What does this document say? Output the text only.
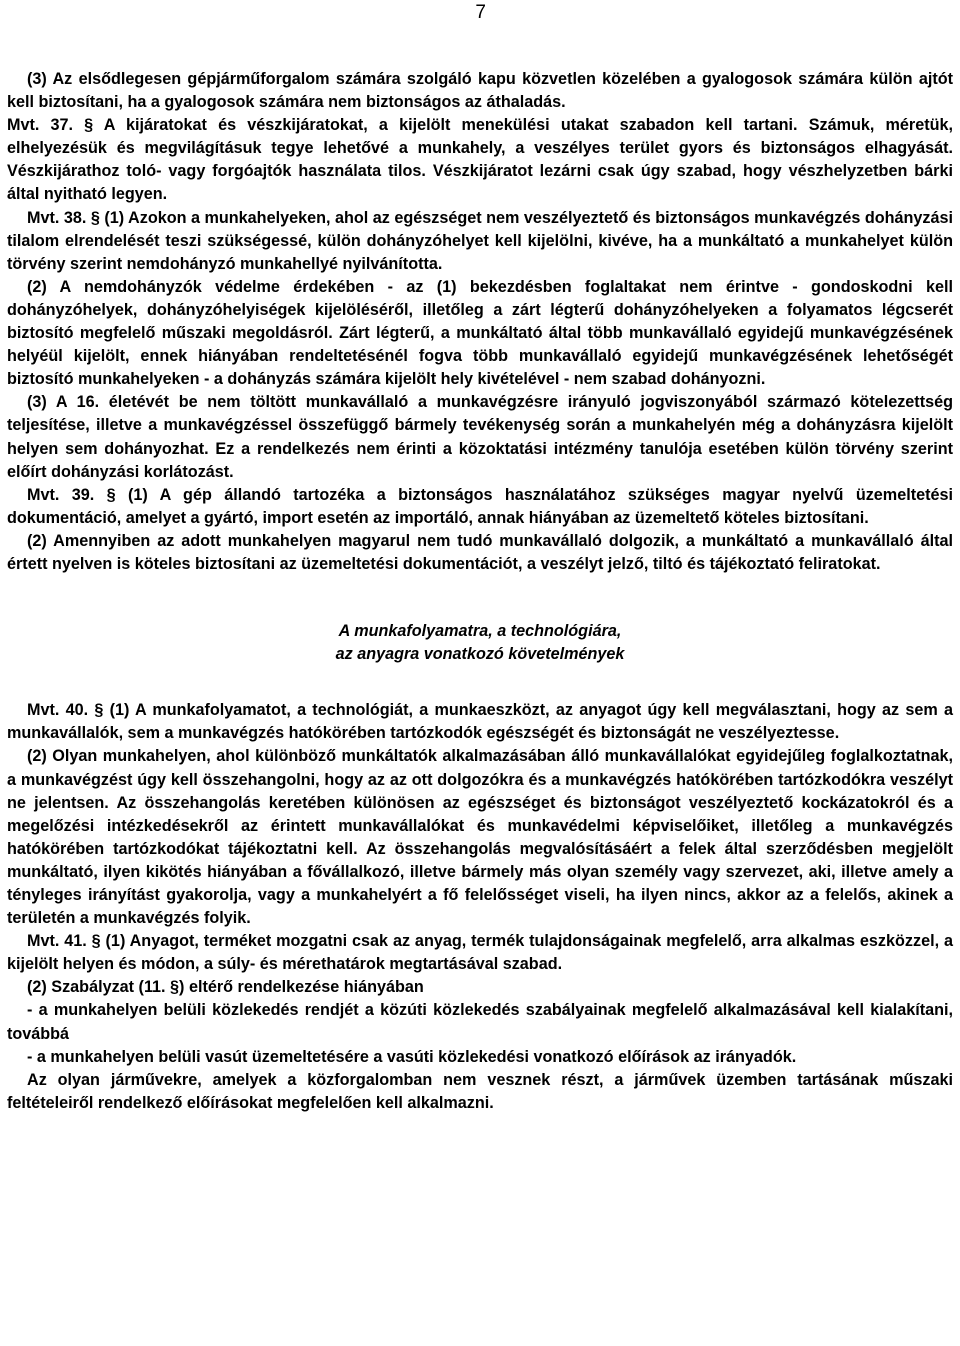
7

(3) Az elsődlegesen gépjárműforgalom számára szolgáló kapu közvetlen közelében a gyalogosok számára külön ajtót kell biztosítani, ha a gyalogosok számára nem biztonságos az áthaladás.

Mvt. 37. § A kijáratokat és vészkijáratokat, a kijelölt menekülési utakat szabadon kell tartani. Számuk, méretük, elhelyezésük és megvilágításuk tegye lehetővé a munkahely, a veszélyes terület gyors és biztonságos elhagyását. Vészkijárathoz toló- vagy forgóajtók használata tilos. Vészkijáratot lezárni csak úgy szabad, hogy vészhelyzetben bárki által nyitható legyen.

Mvt. 38. § (1) Azokon a munkahelyeken, ahol az egészséget nem veszélyeztető és biztonságos munkavégzés dohányzási tilalom elrendelését teszi szükségessé, külön dohányzóhelyet kell kijelölni, kivéve, ha a munkáltató a munkahelyet külön törvény szerint nemdohányzó munkahellyé nyilvánította.

(2) A nemdohányzók védelme érdekében - az (1) bekezdésben foglaltakat nem érintve - gondoskodni kell dohányzóhelyek, dohányzóhelyiségek kijelöléséről, illetőleg a zárt légterű dohányzóhelyeken a folyamatos légcserét biztosító megfelelő műszaki megoldásról. Zárt légterű, a munkáltató által több munkavállaló egyidejű munkavégzésének helyéül kijelölt, ennek hiányában rendeltetésénél fogva több munkavállaló egyidejű munkavégzésének lehetőségét biztosító munkahelyeken - a dohányzás számára kijelölt hely kivételével - nem szabad dohányozni.

(3) A 16. életévét be nem töltött munkavállaló a munkavégzésre irányuló jogviszonyából származó kötelezettség teljesítése, illetve a munkavégzéssel összefüggő bármely tevékenység során a munkahelyén még a dohányzásra kijelölt helyen sem dohányozhat. Ez a rendelkezés nem érinti a közoktatási intézmény tanulója esetében külön törvény szerint előírt dohányzási korlátozást.

Mvt. 39. § (1) A gép állandó tartozéka a biztonságos használatához szükséges magyar nyelvű üzemeltetési dokumentáció, amelyet a gyártó, import esetén az importáló, annak hiányában az üzemeltető köteles biztosítani.

(2) Amennyiben az adott munkahelyen magyarul nem tudó munkavállaló dolgozik, a munkáltató a munkavállaló által értett nyelven is köteles biztosítani az üzemeltetési dokumentációt, a veszélyt jelző, tiltó és tájékoztató feliratokat.

A munkafolyamatra, a technológiára,
az anyagra vonatkozó követelmények

Mvt. 40. § (1) A munkafolyamatot, a technológiát, a munkaeszközt, az anyagot úgy kell megválasztani, hogy az sem a munkavállalók, sem a munkavégzés hatókörében tartózkodók egészségét és biztonságát ne veszélyeztesse.

(2) Olyan munkahelyen, ahol különböző munkáltatók alkalmazásában álló munkavállalókat egyidejűleg foglalkoztatnak, a munkavégzést úgy kell összehangolni, hogy az az ott dolgozókra és a munkavégzés hatókörében tartózkodókra veszélyt ne jelentsen. Az összehangolás keretében különösen az egészséget és biztonságot veszélyeztető kockázatokról és a megelőzési intézkedésekről az érintett munkavállalókat és munkavédelmi képviselőiket, illetőleg a munkavégzés hatókörében tartózkodókat tájékoztatni kell. Az összehangolás megvalósításáért a felek által szerződésben megjelölt munkáltató, ilyen kikötés hiányában a fővállalkozó, illetve bármely más olyan személy vagy szervezet, aki, illetve amely a tényleges irányítást gyakorolja, vagy a munkahelyért a fő felelősséget viseli, ha ilyen nincs, akkor az a felelős, akinek a területén a munkavégzés folyik.

Mvt. 41. § (1) Anyagot, terméket mozgatni csak az anyag, termék tulajdonságainak megfelelő, arra alkalmas eszközzel, a kijelölt helyen és módon, a súly- és mérethatárok megtartásával szabad.

(2) Szabályzat (11. §) eltérő rendelkezése hiányában

- a munkahelyen belüli közlekedés rendjét a közúti közlekedés szabályainak megfelelő alkalmazásával kell kialakítani, továbbá

- a munkahelyen belüli vasút üzemeltetésére a vasúti közlekedési vonatkozó előírások az irányadók.

Az olyan járművekre, amelyek a közforgalomban nem vesznek részt, a járművek üzemben tartásának műszaki feltételeiről rendelkező előírásokat megfelelően kell alkalmazni.
